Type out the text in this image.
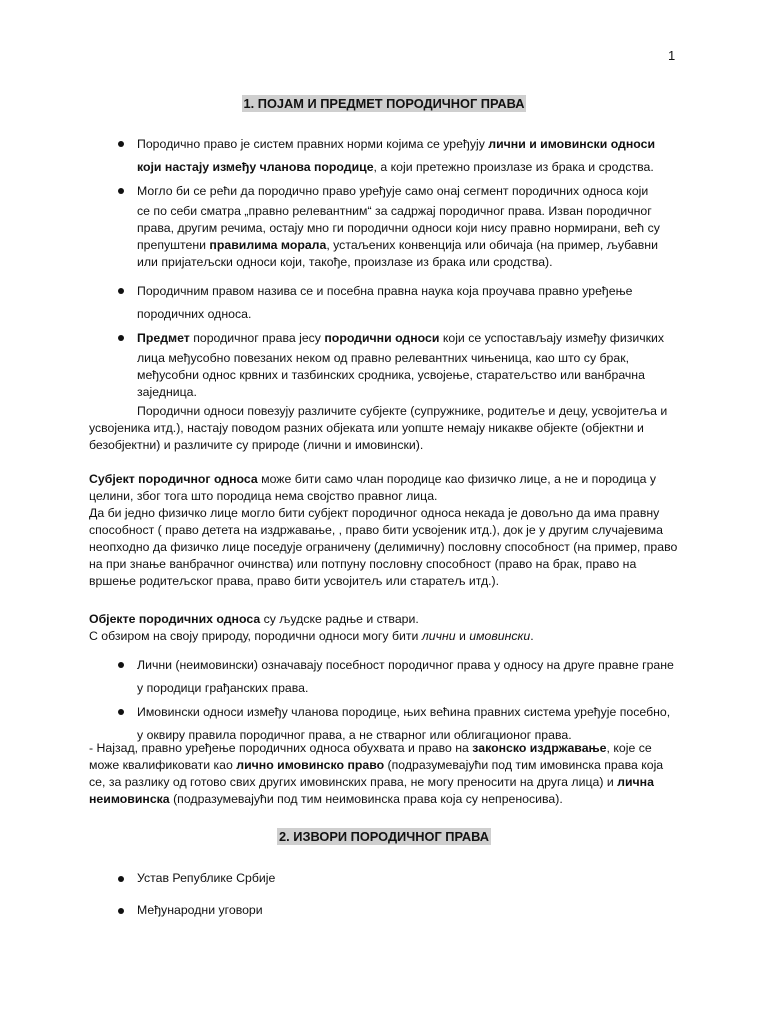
1
1. ПОЈАМ И ПРЕДМЕТ ПОРОДИЧНОГ ПРАВА
Породично право је систем правних норми којима се уређују лични и имовински односи који настају између чланова породице, а који претежно произлазе из брака и сродства.

Могло би се рећи да породично право уређује само онај сегмент породичних односа који

се по себи сматра „правно релевантним“ за садржај породичног права. Изван породичног права, другим речима, остају мно ги породични односи који нису правно нормирани, већ су препуштени правилима морала, устаљених конвенција или обичаја (на пример, љубавни или пријатељски односи који, такође, произлазе из брака или сродства).

Породичним правом назива се и посебна правна наука која проучава правно уређење породичних односа.

Предмет породичног права јесу породични односи који се успостављају између физичких

лица међусобно повезаних неком од правно релевантних чињеница, као што су брак, међусобни однос крвних и тазбинских сродника, усвојење, старатељство или ванбрачна заједница.

Породични односи повезују различите субјекте (супружнике, родитеље и децу, усвојитеља и усвојеника итд.), настају поводом разних објеката или уопште немају никакве објекте (објектни и безобјектни) и различите су природе (лични и имовински).

Субјект породичног односа може бити само члан породице као физичко лице, а не и породица у целини, због тога што породица нема својство правног лица.

Да би једно физичко лице могло бити субјект породичног односа некада је довољно да има правну способност ( право детета на издржавање, , право бити усвојеник итд.), док је у другим случајевима неопходно да физичко лице поседује ограничену (делимичну) пословну способност (на пример, право на при знање ванбрачног очинства) или потпуну пословну способност (право на брак, право на вршење родитељског права, право бити усвојитељ или старатељ итд.).

Објекте породичних односа су људске радње и ствари.

С обзиром на своју природу, породични односи могу бити лични и имовински.

Лични (неимовински) означавају посебност породичног права у односу на друге правне гране у породици грађанских права.
Имовински односи између чланова породице, њих већина правних система уређује посебно, у оквиру правила породичног права, а не стварног или облигационог права.
- Најзад, правно уређење породичних односа обухвата и право на законско издржавање, које се може квалификовати као лично имовинско право (подразумевајући под тим имовинска права која се, за разлику од готово свих других имовинских права, не могу преносити на друга лица) и лична неимовинска (подразумевајући под тим неимовинска права која су непреносива).
2. ИЗВОРИ ПОРОДИЧНОГ ПРАВА
Устав Републике Србије
Међународни уговори
